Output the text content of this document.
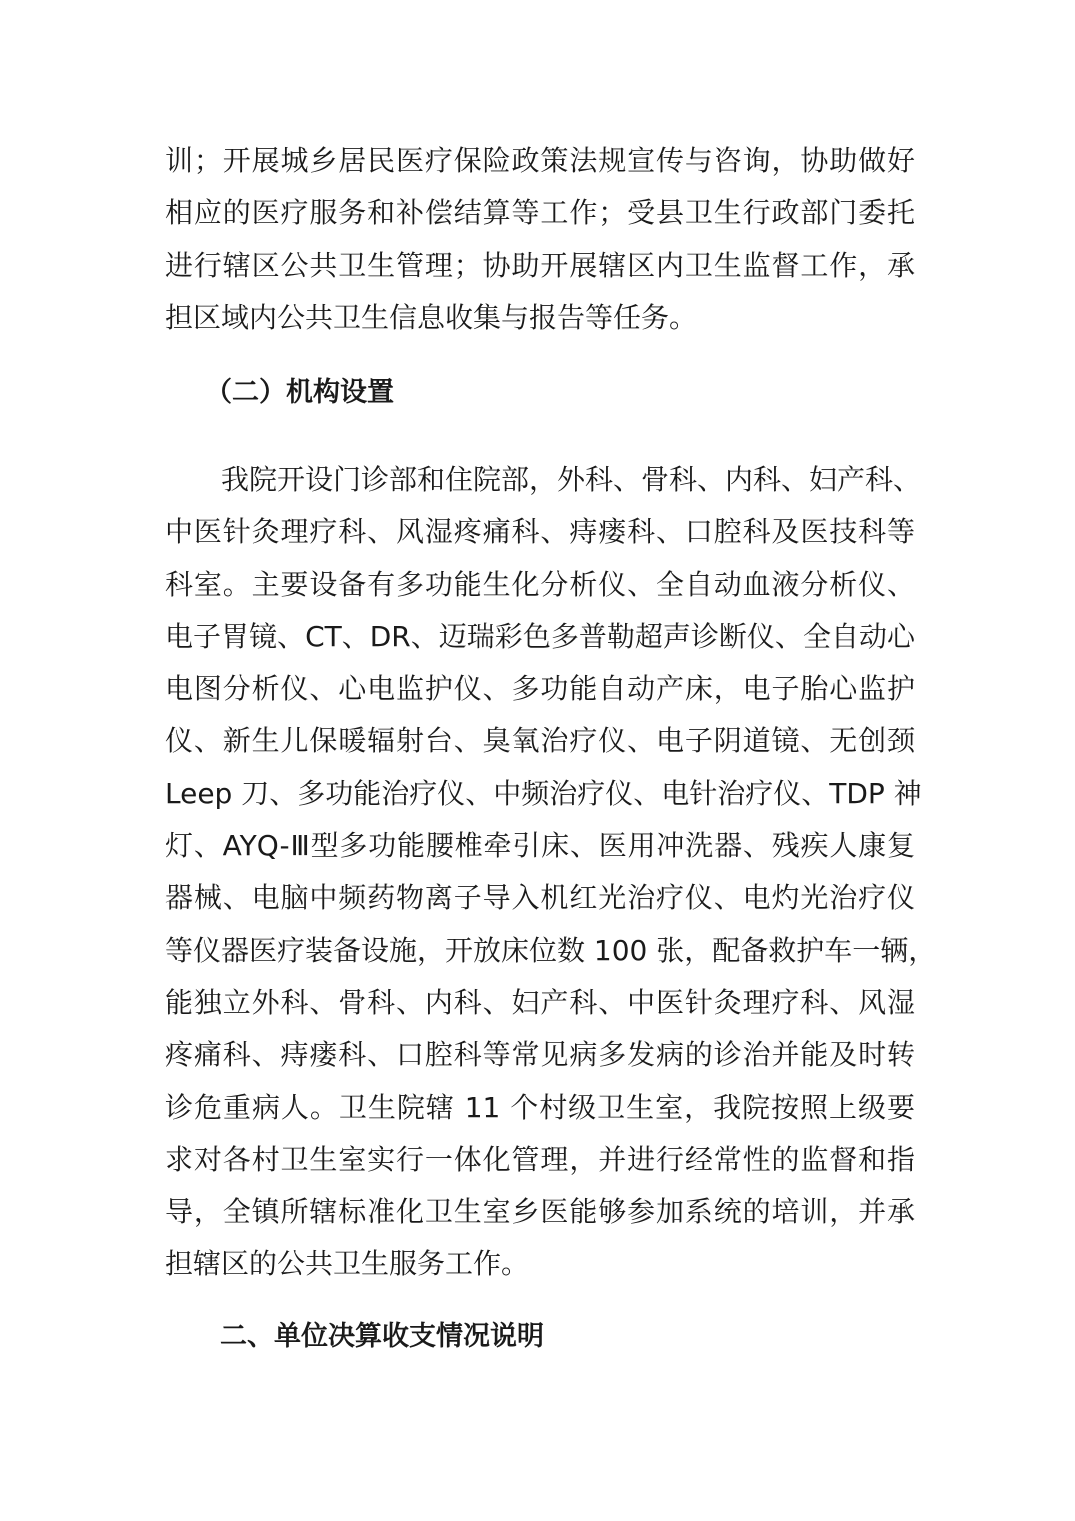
训；开展城乡居民医疗保险政策法规宣传与咨询，协助做好
相应的医疗服务和补偿结算等工作；受县卫生行政部门委托
进行辖区公共卫生管理；协助开展辖区内卫生监督工作，承
担区域内公共卫生信息收集与报告等任务。
（二）机构设置
我院开设门诊部和住院部，外科、骨科、内科、妇产科、
中医针灸理疗科、风湿疼痛科、痔瘘科、口腔科及医技科等
科室。主要设备有多功能生化分析仪、全自动血液分析仪、
电子胃镜、CT、DR、迈瑞彩色多普勒超声诊断仪、全自动心
电图分析仪、心电监护仪、多功能自动产床，电子胎心监护
仪、新生儿保暖辐射台、臭氧治疗仪、电子阴道镜、无创颈
Leep 刀、多功能治疗仪、中频治疗仪、电针治疗仪、TDP 神
灯、AYQ-Ⅲ型多功能腰椎牵引床、医用冲洗器、残疾人康复
器械、电脑中频药物离子导入机红光治疗仪、电灼光治疗仪
等仪器医疗装备设施，开放床位数 100 张，配备救护车一辆，
能独立外科、骨科、内科、妇产科、中医针灸理疗科、风湿
疼痛科、痔瘘科、口腔科等常见病多发病的诊治并能及时转
诊危重病人。卫生院辖 11 个村级卫生室，我院按照上级要
求对各村卫生室实行一体化管理，并进行经常性的监督和指
导，全镇所辖标准化卫生室乡医能够参加系统的培训，并承
担辖区的公共卫生服务工作。
二、单位决算收支情况说明
